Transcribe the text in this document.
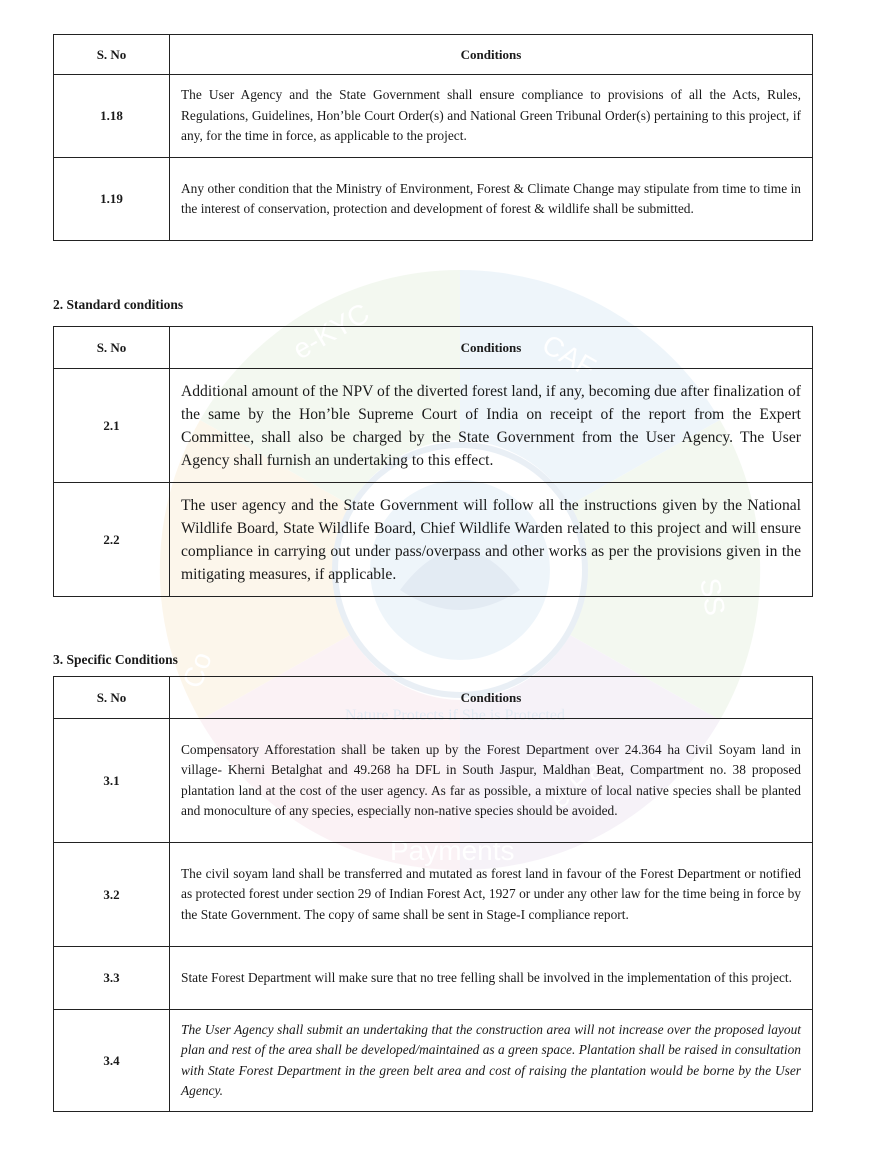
e-KYC	CAF
SS
e-Pa
Payments
Co
Nature Protects if She is Protected
S. No	Conditions
1.18	The User Agency and the State Government shall ensure compliance to provisions of all the Acts, Rules, Regulations, Guidelines, Hon’ble Court Order(s) and National Green Tribunal Order(s) pertaining to this project, if any, for the time in force, as applicable to the project.
1.19	Any other condition that the Ministry of Environment, Forest & Climate Change may stipulate from time to time in the interest of conservation, protection and development of forest & wildlife shall be submitted.
2. Standard conditions
S. No	Conditions
2.1	Additional amount of the NPV of the diverted forest land, if any, becoming due after finalization of the same by the Hon’ble Supreme Court of India on receipt of the report from the Expert Committee, shall also be charged by the State Government from the User Agency. The User Agency shall furnish an undertaking to this effect.
2.2	The user agency and the State Government will follow all the instructions given by the National Wildlife Board, State Wildlife Board, Chief Wildlife Warden related to this project and will ensure compliance in carrying out under pass/overpass and other works as per the provisions given in the mitigating measures, if applicable.
3. Specific Conditions
S. No	Conditions
3.1	Compensatory Afforestation shall be taken up by the Forest Department over 24.364 ha Civil Soyam land in village- Kherni Betalghat and 49.268 ha DFL in South Jaspur, Maldhan Beat, Compartment no. 38 proposed plantation land at the cost of the user agency. As far as possible, a mixture of local native species shall be planted and monoculture of any species, especially non-native species should be avoided.
3.2	The civil soyam land shall be transferred and mutated as forest land in favour of the Forest Department or notified as protected forest under section 29 of Indian Forest Act, 1927 or under any other law for the time being in force by the State Government. The copy of same shall be sent in Stage-I compliance report.
3.3	State Forest Department will make sure that no tree felling shall be involved in the implementation of this project.
3.4	The User Agency shall submit an undertaking that the construction area will not increase over the proposed layout plan and rest of the area shall be developed/maintained as a green space. Plantation shall be raised in consultation with State Forest Department in the green belt area and cost of raising the plantation would be borne by the User Agency.
